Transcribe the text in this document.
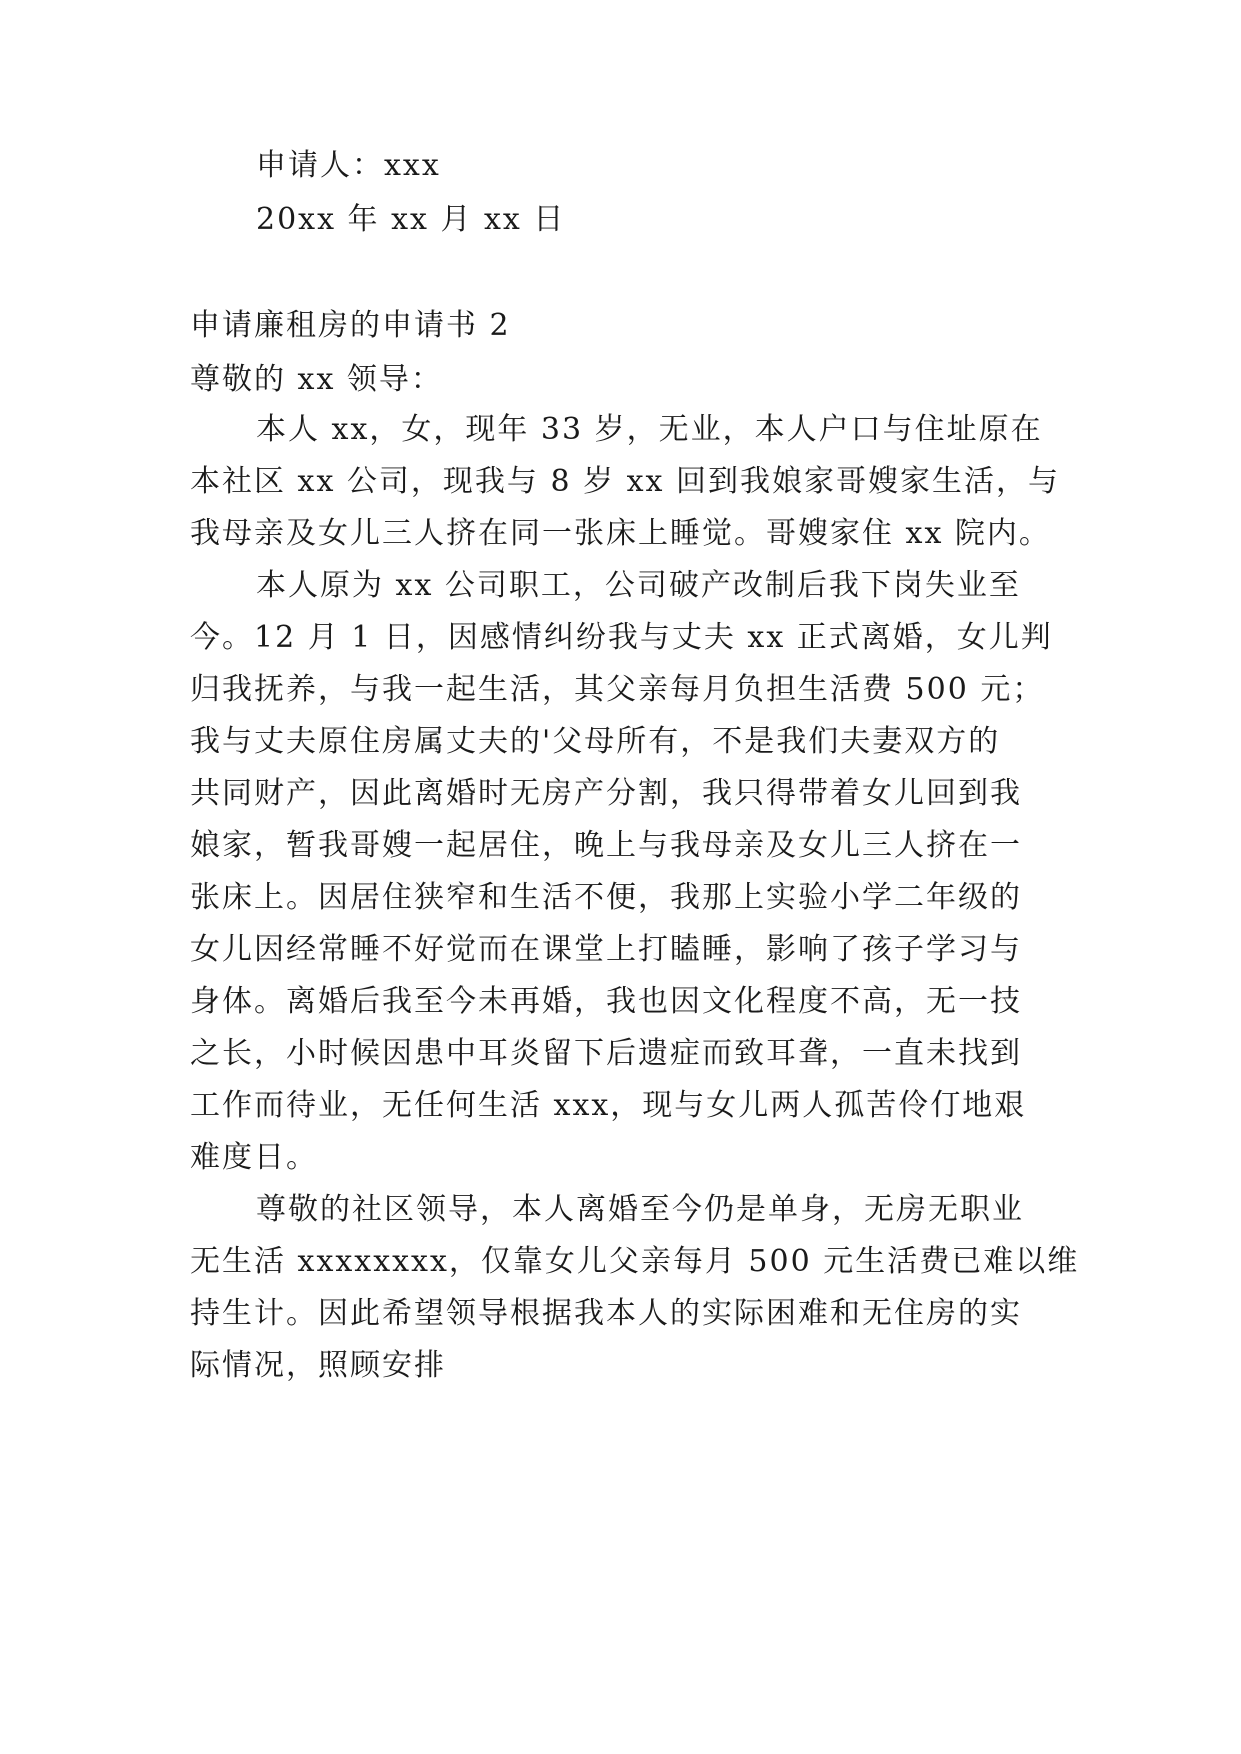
申请人：xxx
20xx 年 xx 月 xx 日
申请廉租房的申请书 2
尊敬的 xx 领导：
本人 xx，女，现年 33 岁，无业，本人户口与住址原在
本社区 xx 公司，现我与 8 岁 xx 回到我娘家哥嫂家生活，与
我母亲及女儿三人挤在同一张床上睡觉。哥嫂家住 xx 院内。
本人原为 xx 公司职工，公司破产改制后我下岗失业至
今。12 月 1 日，因感情纠纷我与丈夫 xx 正式离婚，女儿判
归我抚养，与我一起生活，其父亲每月负担生活费 500 元；
我与丈夫原住房属丈夫的'父母所有，不是我们夫妻双方的
共同财产，因此离婚时无房产分割，我只得带着女儿回到我
娘家，暂我哥嫂一起居住，晚上与我母亲及女儿三人挤在一
张床上。因居住狭窄和生活不便，我那上实验小学二年级的
女儿因经常睡不好觉而在课堂上打瞌睡，影响了孩子学习与
身体。离婚后我至今未再婚，我也因文化程度不高，无一技
之长，小时候因患中耳炎留下后遗症而致耳聋，一直未找到
工作而待业，无任何生活 xxx，现与女儿两人孤苦伶仃地艰
难度日。
尊敬的社区领导，本人离婚至今仍是单身，无房无职业
无生活 xxxxxxxx，仅靠女儿父亲每月 500 元生活费已难以维
持生计。因此希望领导根据我本人的实际困难和无住房的实
际情况，照顾安排
